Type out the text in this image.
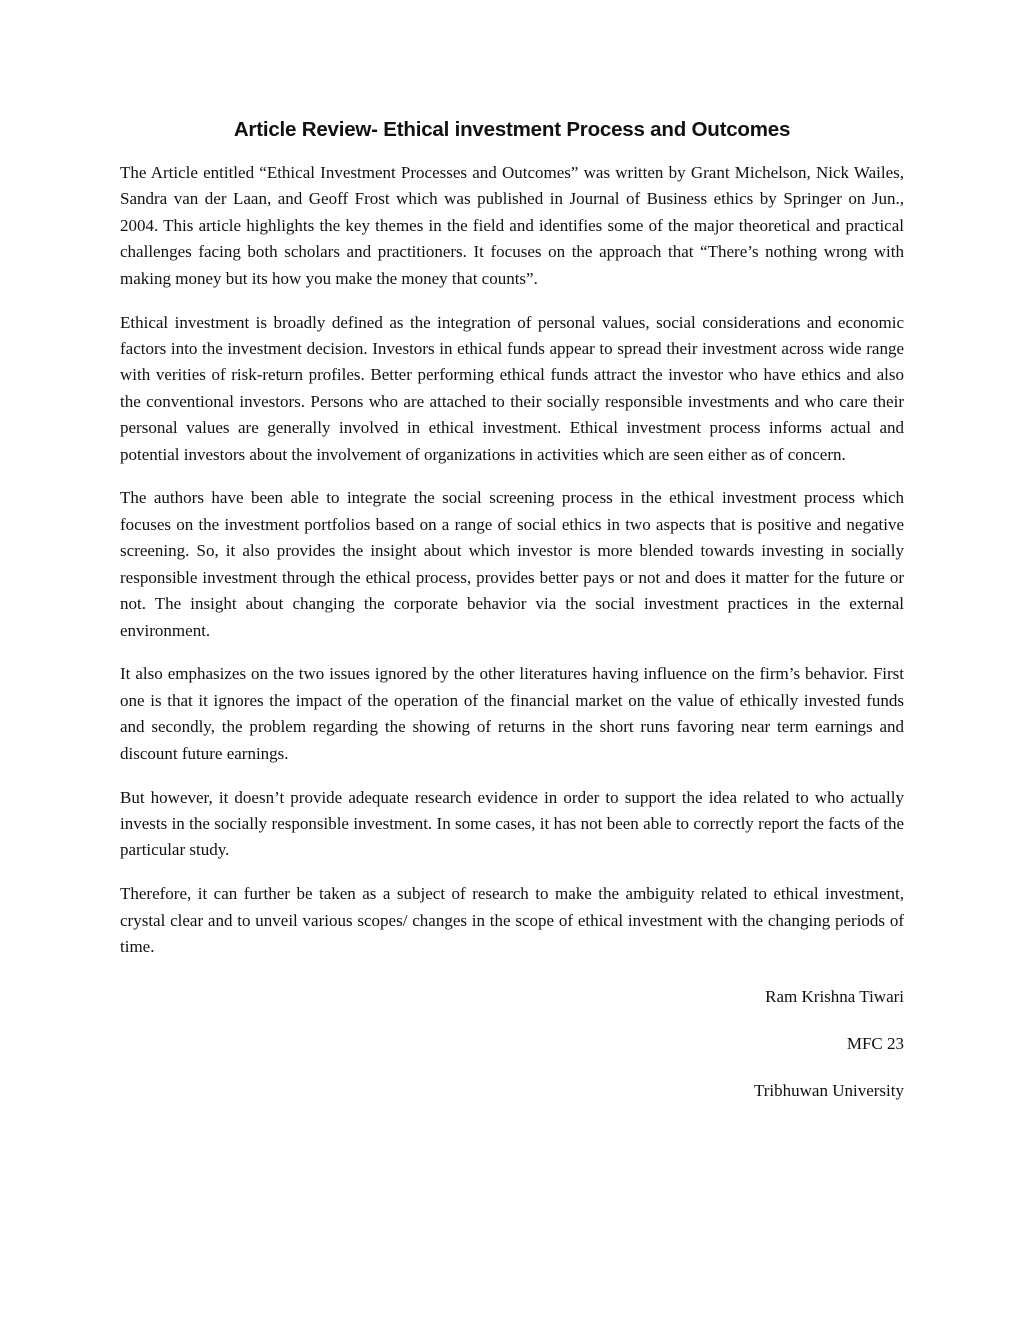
Article Review- Ethical investment Process and Outcomes

The Article entitled “Ethical Investment Processes and Outcomes” was written by Grant Michelson, Nick Wailes, Sandra van der Laan, and Geoff Frost which was published in Journal of Business ethics by Springer on Jun., 2004. This article highlights the key themes in the field and identifies some of the major theoretical and practical challenges facing both scholars and practitioners. It focuses on the approach that “There’s nothing wrong with making money but its how you make the money that counts”.

Ethical investment is broadly defined as the integration of personal values, social considerations and economic factors into the investment decision. Investors in ethical funds appear to spread their investment across wide range with verities of risk-return profiles. Better performing ethical funds attract the investor who have ethics and also the conventional investors. Persons who are attached to their socially responsible investments and who care their personal values are generally involved in ethical investment. Ethical investment process informs actual and potential investors about the involvement of organizations in activities which are seen either as of concern.

The authors have been able to integrate the social screening process in the ethical investment process which focuses on the investment portfolios based on a range of social ethics in two aspects that is positive and negative screening. So, it also provides the insight about which investor is more blended towards investing in socially responsible investment through the ethical process, provides better pays or not and does it matter for the future or not. The insight about changing the corporate behavior via the social investment practices in the external environment.

It also emphasizes on the two issues ignored by the other literatures having influence on the firm’s behavior. First one is that it ignores the impact of the operation of the financial market on the value of ethically invested funds and secondly, the problem regarding the showing of returns in the short runs favoring near term earnings and discount future earnings.

But however, it doesn’t provide adequate research evidence in order to support the idea related to who actually invests in the socially responsible investment. In some cases, it has not been able to correctly report the facts of the particular study.

Therefore, it can further be taken as a subject of research to make the ambiguity related to ethical investment, crystal clear and to unveil various scopes/ changes in the scope of ethical investment with the changing periods of time.

Ram Krishna Tiwari
MFC 23
Tribhuwan University
